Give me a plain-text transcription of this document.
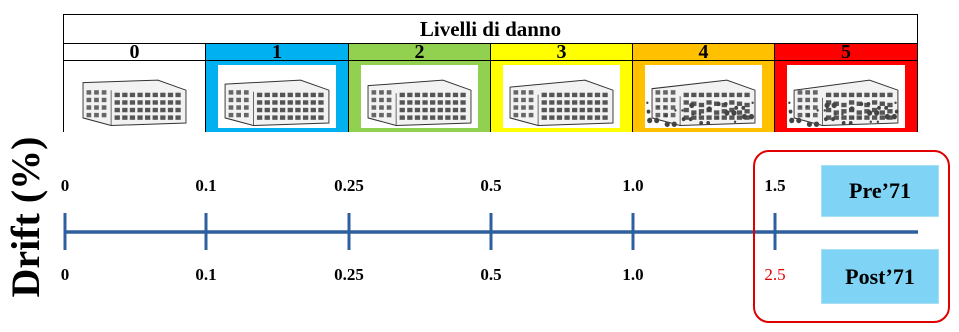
Livelli di danno
0	1	2	3	4	5
Drift (%) 0	0.1	0.25	0.5	1.0	1.5
0	0.1	0.25	0.5	1.0	2.5
Pre’71
Post’71
